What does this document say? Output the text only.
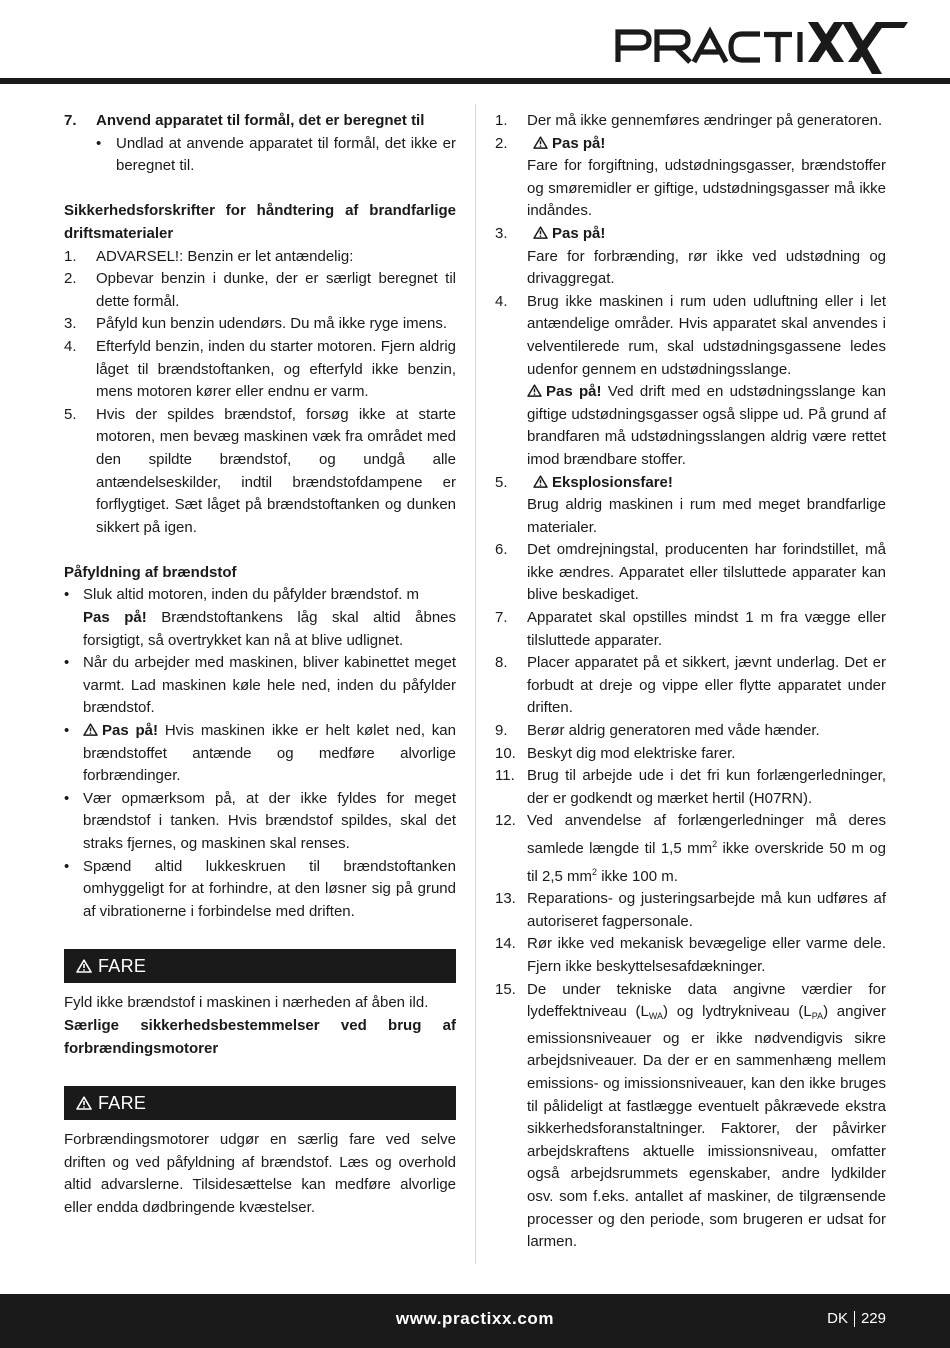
PRACTIXX
7.	Anvend apparatet til formål, det er beregnet til
• Undlad at anvende apparatet til formål, det ikke er beregnet til.

Sikkerhedsforskrifter for håndtering af brandfarlige driftsmaterialer

1.	ADVARSEL!: Benzin er let antændelig:
2.	Opbevar benzin i dunke, der er særligt beregnet til dette formål.
3.	Påfyld kun benzin udendørs. Du må ikke ryge imens.
4.	Efterfyld benzin, inden du starter motoren. Fjern aldrig låget til brændstoftanken, og efterfyld ikke benzin, mens motoren kører eller endnu er varm.
5.	Hvis der spildes brændstof, forsøg ikke at starte motoren, men bevæg maskinen væk fra området med den spildte brændstof, og undgå alle antændelseskilder, indtil brændstofdampene er forflygtiget. Sæt låget på brændstoftanken og dunken sikkert på igen.

Påfyldning af brændstof

• Sluk altid motoren, inden du påfylder brændstof. m
Pas på! Brændstoftankens låg skal altid åbnes forsigtigt, så overtrykket kan nå at blive udlignet.
• Når du arbejder med maskinen, bliver kabinettet meget varmt. Lad maskinen køle hele ned, inden du påfylder brændstof.
•	Pas på! Hvis maskinen ikke er helt kølet ned, kan brændstoffet antænde og medføre alvorlige forbrændinger.
• Vær opmærksom på, at der ikke fyldes for meget brændstof i tanken. Hvis brændstof spildes, skal det straks fjernes, og maskinen skal renses.
• Spænd altid lukkeskruen til brændstoftanken omhyggeligt for at forhindre, at den løsner sig på grund af vibrationerne i forbindelse med driften.
FARE

Fyld ikke brændstof i maskinen i nærheden af åben ild.

Særlige sikkerhedsbestemmelser ved brug af forbrændingsmotorer

FARE

Forbrændingsmotorer udgør en særlig fare ved selve driften og ved påfyldning af brændstof. Læs og overhold altid advarslerne. Tilsidesættelse kan medføre alvorlige eller endda dødbringende kvæstelser.

1.	Der må ikke gennemføres ændringer på generatoren.
2.	Pas på!
Fare for forgiftning, udstødningsgasser, brændstoffer og smøremidler er giftige, udstødningsgasser må ikke indåndes.
3.	Pas på!
Fare for forbrænding, rør ikke ved udstødning og drivaggregat.
4.	Brug ikke maskinen i rum uden udluftning eller i let antændelige områder. Hvis apparatet skal anvendes i velventilerede rum, skal udstødningsgassene ledes udenfor gennem en udstødningsslange.
Pas på! Ved drift med en udstødningsslange kan giftige udstødningsgasser også slippe ud. På grund af brandfaren må udstødningsslangen aldrig være rettet imod brændbare stoffer.
5.	Eksplosionsfare!
Brug aldrig maskinen i rum med meget brandfarlige materialer.
6.	Det omdrejningstal, producenten har forindstillet, må ikke ændres. Apparatet eller tilsluttede apparater kan blive beskadiget.
7.	Apparatet skal opstilles mindst 1 m fra vægge eller tilsluttede apparater.
8.	Placer apparatet på et sikkert, jævnt underlag. Det er forbudt at dreje og vippe eller flytte apparatet under driften.
9.	Berør aldrig generatoren med våde hænder.
10. Beskyt dig mod elektriske farer.
11. Brug til arbejde ude i det fri kun forlængerledninger, der er godkendt og mærket hertil (H07RN).
12. Ved anvendelse af forlængerledninger må deres samlede længde til 1,5 $mm^2$ ikke overskride 50 m og til 2,5 $mm^2$ ikke 100 m.
13. Reparations- og justeringsarbejde må kun udføres af autoriseret fagpersonale.
14. Rør ikke ved mekanisk bevægelige eller varme dele. Fjern ikke beskyttelsesafdækninger.
15. De under tekniske data angivne værdier for lydeffektniveau $(L_{WA})$ og lydtrykniveau $(L_{PA})$ angiver emissionsniveauer og er ikke nødvendigvis sikre arbejdsniveauer. Da der er en sammenhæng mellem emissions- og imissionsniveauer, kan den ikke bruges til pålideligt at fastlægge eventuelt påkrævede ekstra sikkerhedsforanstaltninger. Faktorer, der påvirker arbejdskraftens aktuelle imissionsniveau, omfatter også arbejdsrummets egenskaber, andre lydkilder osv. som f.eks. antallet af maskiner, de tilgrænsende processer og den periode, som brugeren er udsat for larmen.
www.practixx.com	DK 229
